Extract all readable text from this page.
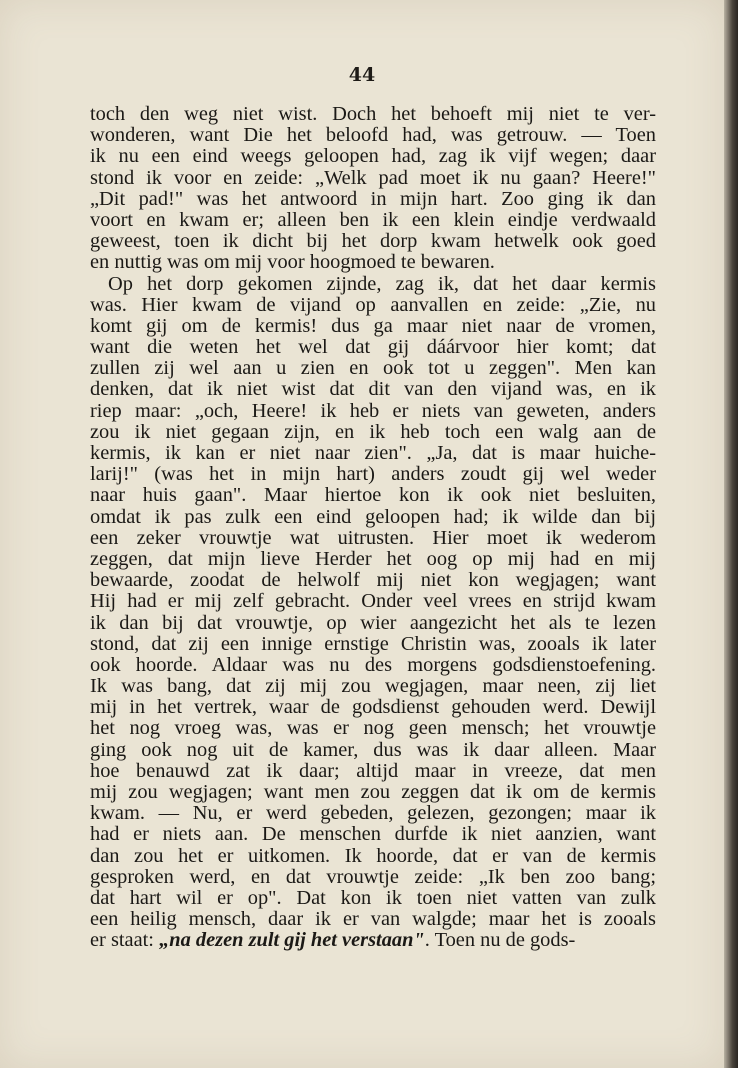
44
toch den weg niet wist. Doch het behoeft mij niet te ver-
wonderen, want Die het beloofd had, was getrouw. — Toen
ik nu een eind weegs geloopen had, zag ik vijf wegen; daar
stond ik voor en zeide: „Welk pad moet ik nu gaan? Heere!"
„Dit pad!" was het antwoord in mijn hart. Zoo ging ik dan
voort en kwam er; alleen ben ik een klein eindje verdwaald
geweest, toen ik dicht bij het dorp kwam hetwelk ook goed
en nuttig was om mij voor hoogmoed te bewaren.
Op het dorp gekomen zijnde, zag ik, dat het daar kermis
was. Hier kwam de vijand op aanvallen en zeide: „Zie, nu
komt gij om de kermis! dus ga maar niet naar de vromen,
want die weten het wel dat gij dáárvoor hier komt; dat
zullen zij wel aan u zien en ook tot u zeggen". Men kan
denken, dat ik niet wist dat dit van den vijand was, en ik
riep maar: „och, Heere! ik heb er niets van geweten, anders
zou ik niet gegaan zijn, en ik heb toch een walg aan de
kermis, ik kan er niet naar zien". „Ja, dat is maar huiche-
larij!" (was het in mijn hart) anders zoudt gij wel weder
naar huis gaan". Maar hiertoe kon ik ook niet besluiten,
omdat ik pas zulk een eind geloopen had; ik wilde dan bij
een zeker vrouwtje wat uitrusten. Hier moet ik wederom
zeggen, dat mijn lieve Herder het oog op mij had en mij
bewaarde, zoodat de helwolf mij niet kon wegjagen; want
Hij had er mij zelf gebracht. Onder veel vrees en strijd kwam
ik dan bij dat vrouwtje, op wier aangezicht het als te lezen
stond, dat zij een innige ernstige Christin was, zooals ik later
ook hoorde. Aldaar was nu des morgens godsdienstoefening.
Ik was bang, dat zij mij zou wegjagen, maar neen, zij liet
mij in het vertrek, waar de godsdienst gehouden werd. Dewijl
het nog vroeg was, was er nog geen mensch; het vrouwtje
ging ook nog uit de kamer, dus was ik daar alleen. Maar
hoe benauwd zat ik daar; altijd maar in vreeze, dat men
mij zou wegjagen; want men zou zeggen dat ik om de kermis
kwam. — Nu, er werd gebeden, gelezen, gezongen; maar ik
had er niets aan. De menschen durfde ik niet aanzien, want
dan zou het er uitkomen. Ik hoorde, dat er van de kermis
gesproken werd, en dat vrouwtje zeide: „Ik ben zoo bang;
dat hart wil er op". Dat kon ik toen niet vatten van zulk
een heilig mensch, daar ik er van walgde; maar het is zooals
er staat: „na dezen zult gij het verstaan". Toen nu de gods-
